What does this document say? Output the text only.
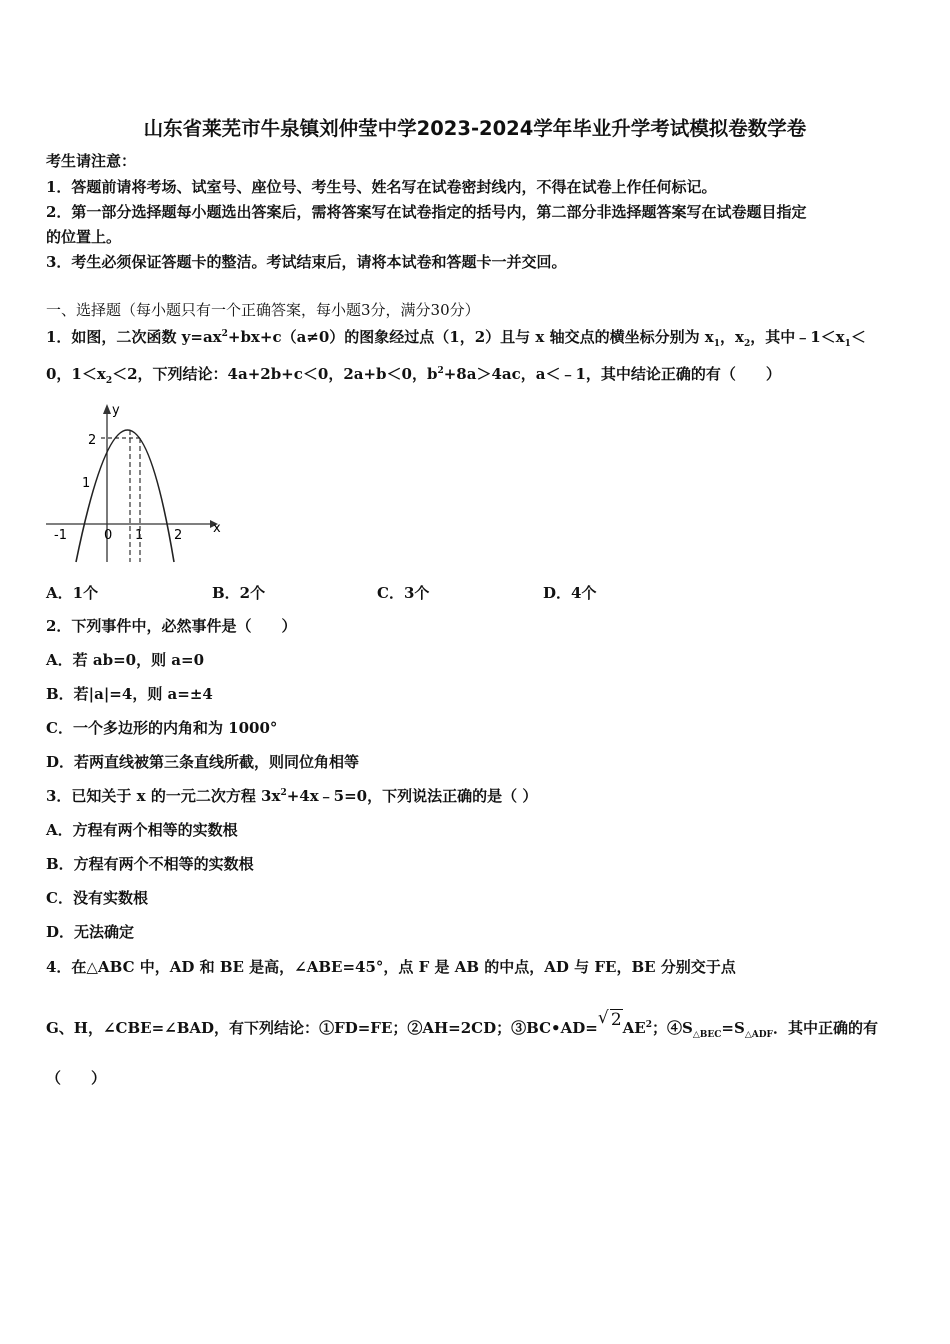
山东省莱芜市牛泉镇刘仲莹中学2023-2024学年毕业升学考试模拟卷数学卷
考生请注意：
1．答题前请将考场、试室号、座位号、考生号、姓名写在试卷密封线内，不得在试卷上作任何标记。
2．第一部分选择题每小题选出答案后，需将答案写在试卷指定的括号内，第二部分非选择题答案写在试卷题目指定
的位置上。
3．考生必须保证答题卡的整洁。考试结束后，请将本试卷和答题卡一并交回。
一、选择题（每小题只有一个正确答案，每小题3分，满分30分）
1．如图，二次函数 $y=ax^2+bx+c(a\ne 0)$的图象经过点（1，2）且与 x 轴交点的横坐标分别为 $x_1$，$x_2$，其中$﹣1<x_1<$
0，$1<x_2<2$，下列结论：4a+2b+c＜0，2a+b＜0，$b^2+8a>4ac$，a＜﹣1，其中结论正确的有（　　）
y
x
2
1
-1	0 1 2
A．1个	B．2个	C．3个	D．4个
2．下列事件中，必然事件是（　　）
A．若 ab=0，则 a=0
B．若|a|=4，则 a=±4
C．一个多边形的内角和为 1000°
D．若两直线被第三条直线所截，则同位角相等
3．已知关于 x 的一元二次方程 $3x^2+4x﹣5=0$，下列说法正确的是（ ）
A．方程有两个相等的实数根
B．方程有两个不相等的实数根
C．没有实数根
D．无法确定
4．在△ABC 中，AD 和 BE 是高，∠ABE=45°，点 F 是 AB 的中点，AD 与 FE，BE 分别交于点
G、H，∠CBE=∠BAD，有下列结论：①FD=FE；②AH=2CD；③BC•AD=√ $2AE^2$；$④S_{\triangle BEC}=S_{\triangle ADF}$．其中正确的有
（　　）
